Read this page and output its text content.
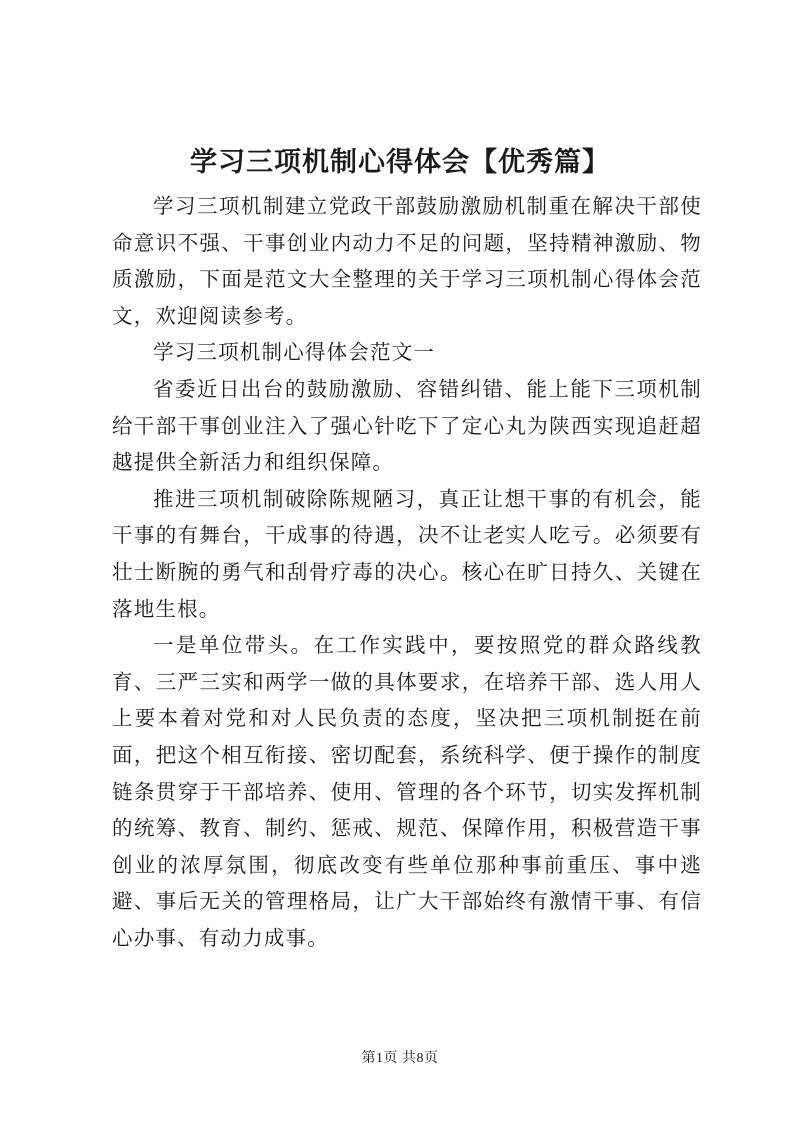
学习三项机制心得体会【优秀篇】

学习三项机制建立党政干部鼓励激励机制重在解决干部使命意识不强、干事创业内动力不足的问题，坚持精神激励、物质激励，下面是范文大全整理的关于学习三项机制心得体会范文，欢迎阅读参考。

学习三项机制心得体会范文一

省委近日出台的鼓励激励、容错纠错、能上能下三项机制给干部干事创业注入了强心针吃下了定心丸为陕西实现追赶超越提供全新活力和组织保障。

推进三项机制破除陈规陋习，真正让想干事的有机会，能干事的有舞台，干成事的待遇，决不让老实人吃亏。必须要有壮士断腕的勇气和刮骨疗毒的决心。核心在旷日持久、关键在落地生根。

一是单位带头。在工作实践中，要按照党的群众路线教育、三严三实和两学一做的具体要求，在培养干部、选人用人上要本着对党和对人民负责的态度，坚决把三项机制挺在前面，把这个相互衔接、密切配套，系统科学、便于操作的制度链条贯穿于干部培养、使用、管理的各个环节，切实发挥机制的统筹、教育、制约、惩戒、规范、保障作用，积极营造干事创业的浓厚氛围，彻底改变有些单位那种事前重压、事中逃避、事后无关的管理格局，让广大干部始终有激情干事、有信心办事、有动力成事。

第1页 共8页
